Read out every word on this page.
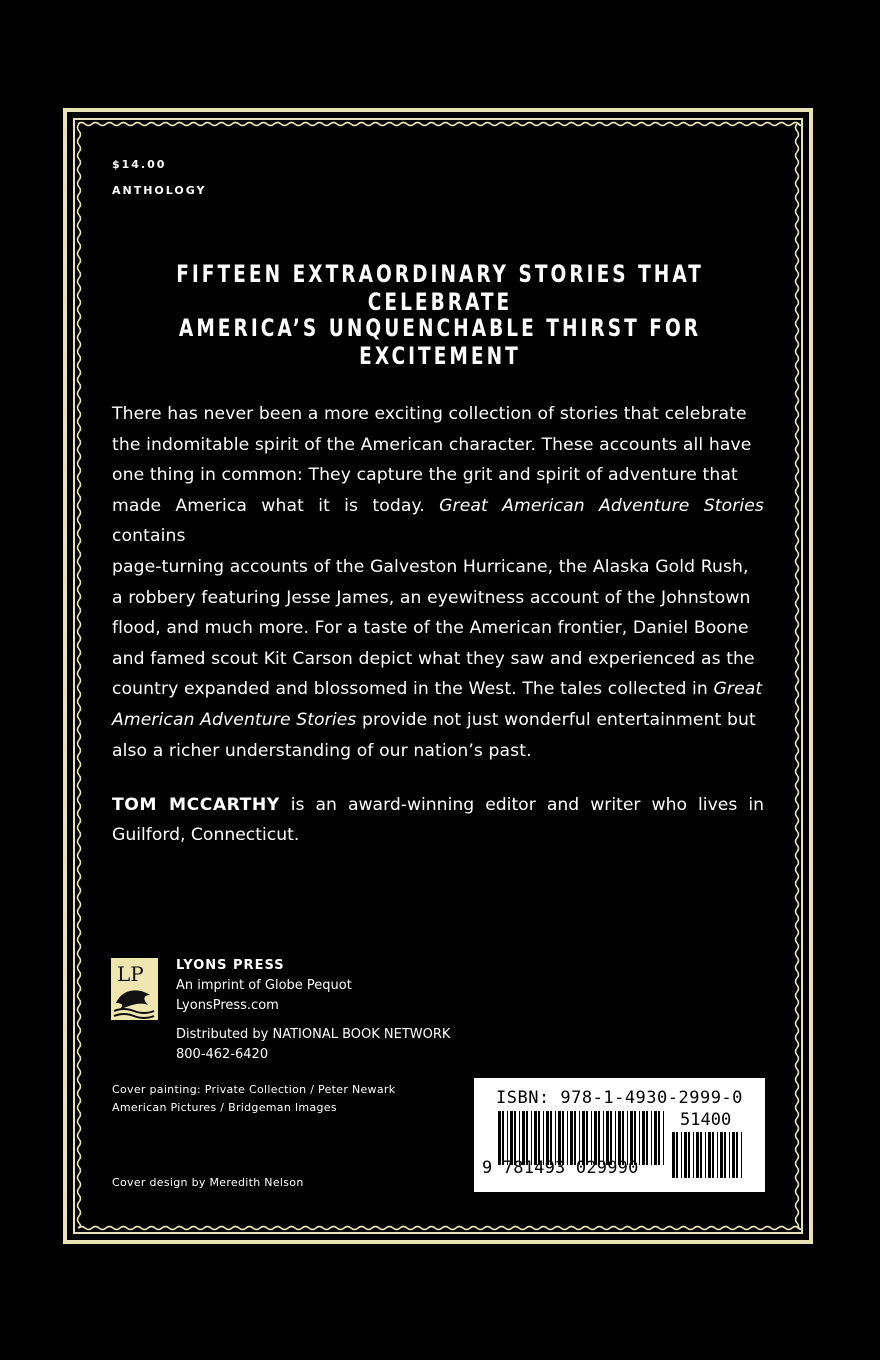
$14.00
ANTHOLOGY
FIFTEEN EXTRAORDINARY STORIES THAT CELEBRATE
AMERICA’S UNQUENCHABLE THIRST FOR EXCITEMENT
There has never been a more exciting collection of stories that celebrate
the indomitable spirit of the American character. These accounts all have
one thing in common: They capture the grit and spirit of adventure that
made America what it is today. Great American Adventure Stories contains
page-turning accounts of the Galveston Hurricane, the Alaska Gold Rush,
a robbery featuring Jesse James, an eyewitness account of the Johnstown
flood, and much more. For a taste of the American frontier, Daniel Boone
and famed scout Kit Carson depict what they saw and experienced as the
country expanded and blossomed in the West. The tales collected in Great
American Adventure Stories provide not just wonderful entertainment but
also a richer understanding of our nation’s past.
TOM MCCARTHY is an award-winning editor and writer who lives in Guilford, Connecticut.
LP LYONS PRESS
An imprint of Globe Pequot
LyonsPress.com
Distributed by NATIONAL BOOK NETWORK
800-462-6420
Cover painting: Private Collection / Peter Newark
American Pictures / Bridgeman Images
Cover design by Meredith Nelson
ISBN: 978-1-4930-2999-0
51400
9 781493 029990
